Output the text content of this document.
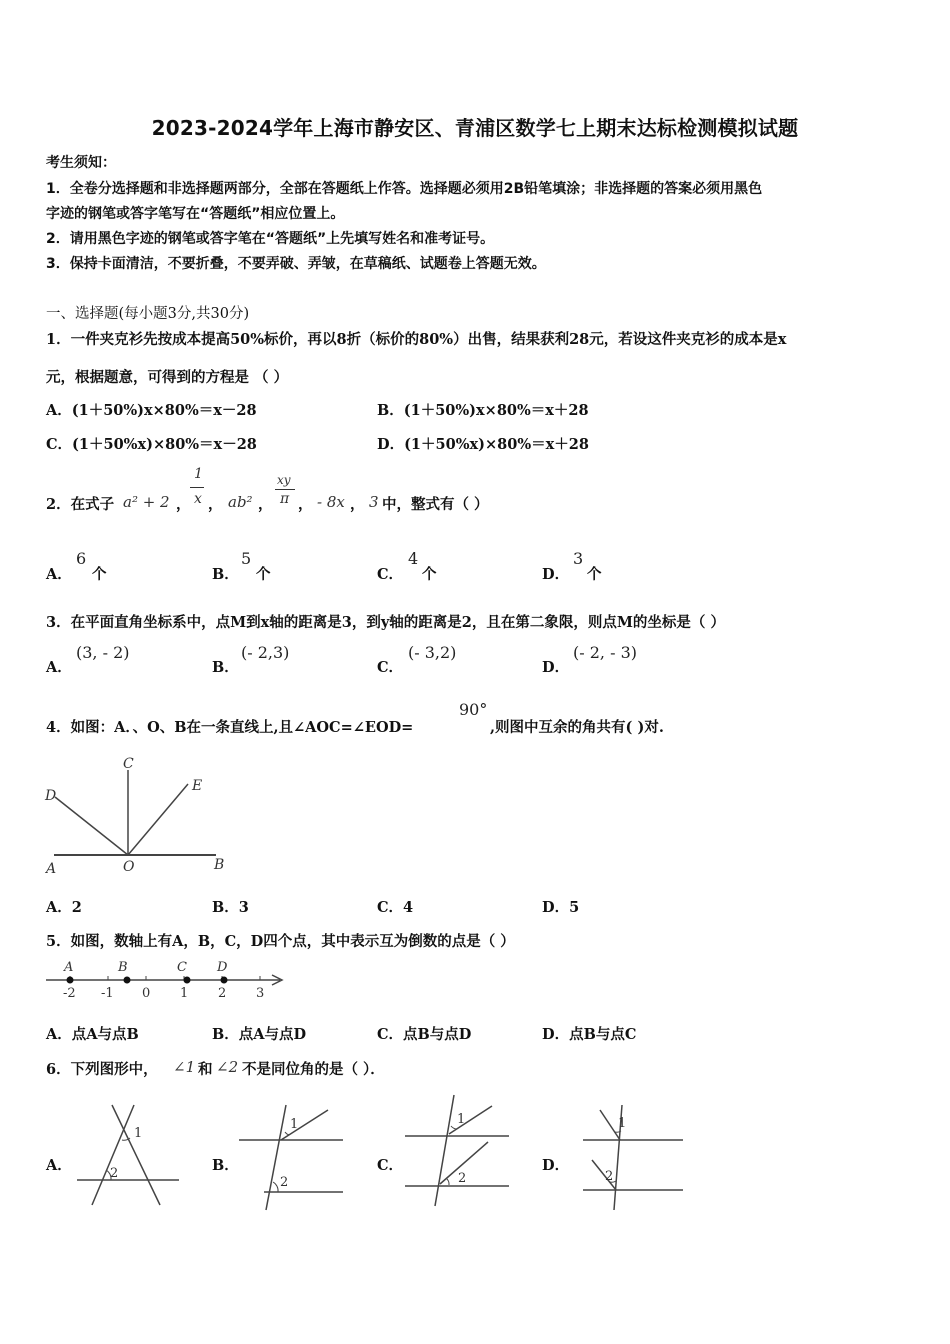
2023-2024学年上海市静安区、青浦区数学七上期末达标检测模拟试题
考生须知：
1．全卷分选择题和非选择题两部分，全部在答题纸上作答。选择题必须用2B铅笔填涂；非选择题的答案必须用黑色
字迹的钢笔或答字笔写在“答题纸”相应位置上。
2．请用黑色字迹的钢笔或答字笔在“答题纸”上先填写姓名和准考证号。
3．保持卡面清洁，不要折叠，不要弄破、弄皱，在草稿纸、试题卷上答题无效。
一、选择题(每小题3分,共30分)
1．一件夹克衫先按成本提高50%标价，再以8折（标价的80%）出售，结果获利28元，若设这件夹克衫的成本是x
元，根据题意，可得到的方程是 （ ）
A．(1＋50%)x×80%＝x－28	B．(1＋50%)x×80%＝x＋28
C．(1＋50%x)×80%＝x－28	D．(1＋50%x)×80%＝x＋28
2．在式子 a² + 2 ，
1
x ， ab² ，
xy
π ， - 8x ， 3 中，整式有（ ）
A．
6
个	B．
5
个	C．
4
个	D．
3
个
3．在平面直角坐标系中，点M到x轴的距离是3，到y轴的距离是2，且在第二象限，则点M的坐标是（ ）
A．
(3, - 2)
B．
(- 2,3)
C．
(- 3,2)
D．
(- 2, - 3)
4．如图：A．、O、B在一条直线上,且∠AOC=∠EOD=
90°
,则图中互余的角共有( )对.
C
D
E
A	O	B
A．2	B．3	C．4	D．5
5．如图，数轴上有A，B，C，D四个点，其中表示互为倒数的点是（ ）
A	B	C D
-2 -1 0 1 2 3
A．点A与点B	B．点A与点D	C．点B与点D	D．点B与点C
6．下列图形中， ∠1 和 ∠2 不是同位角的是（ ）．
A．	B．	C．	D．
1
2
1
2
1
2
1
2
